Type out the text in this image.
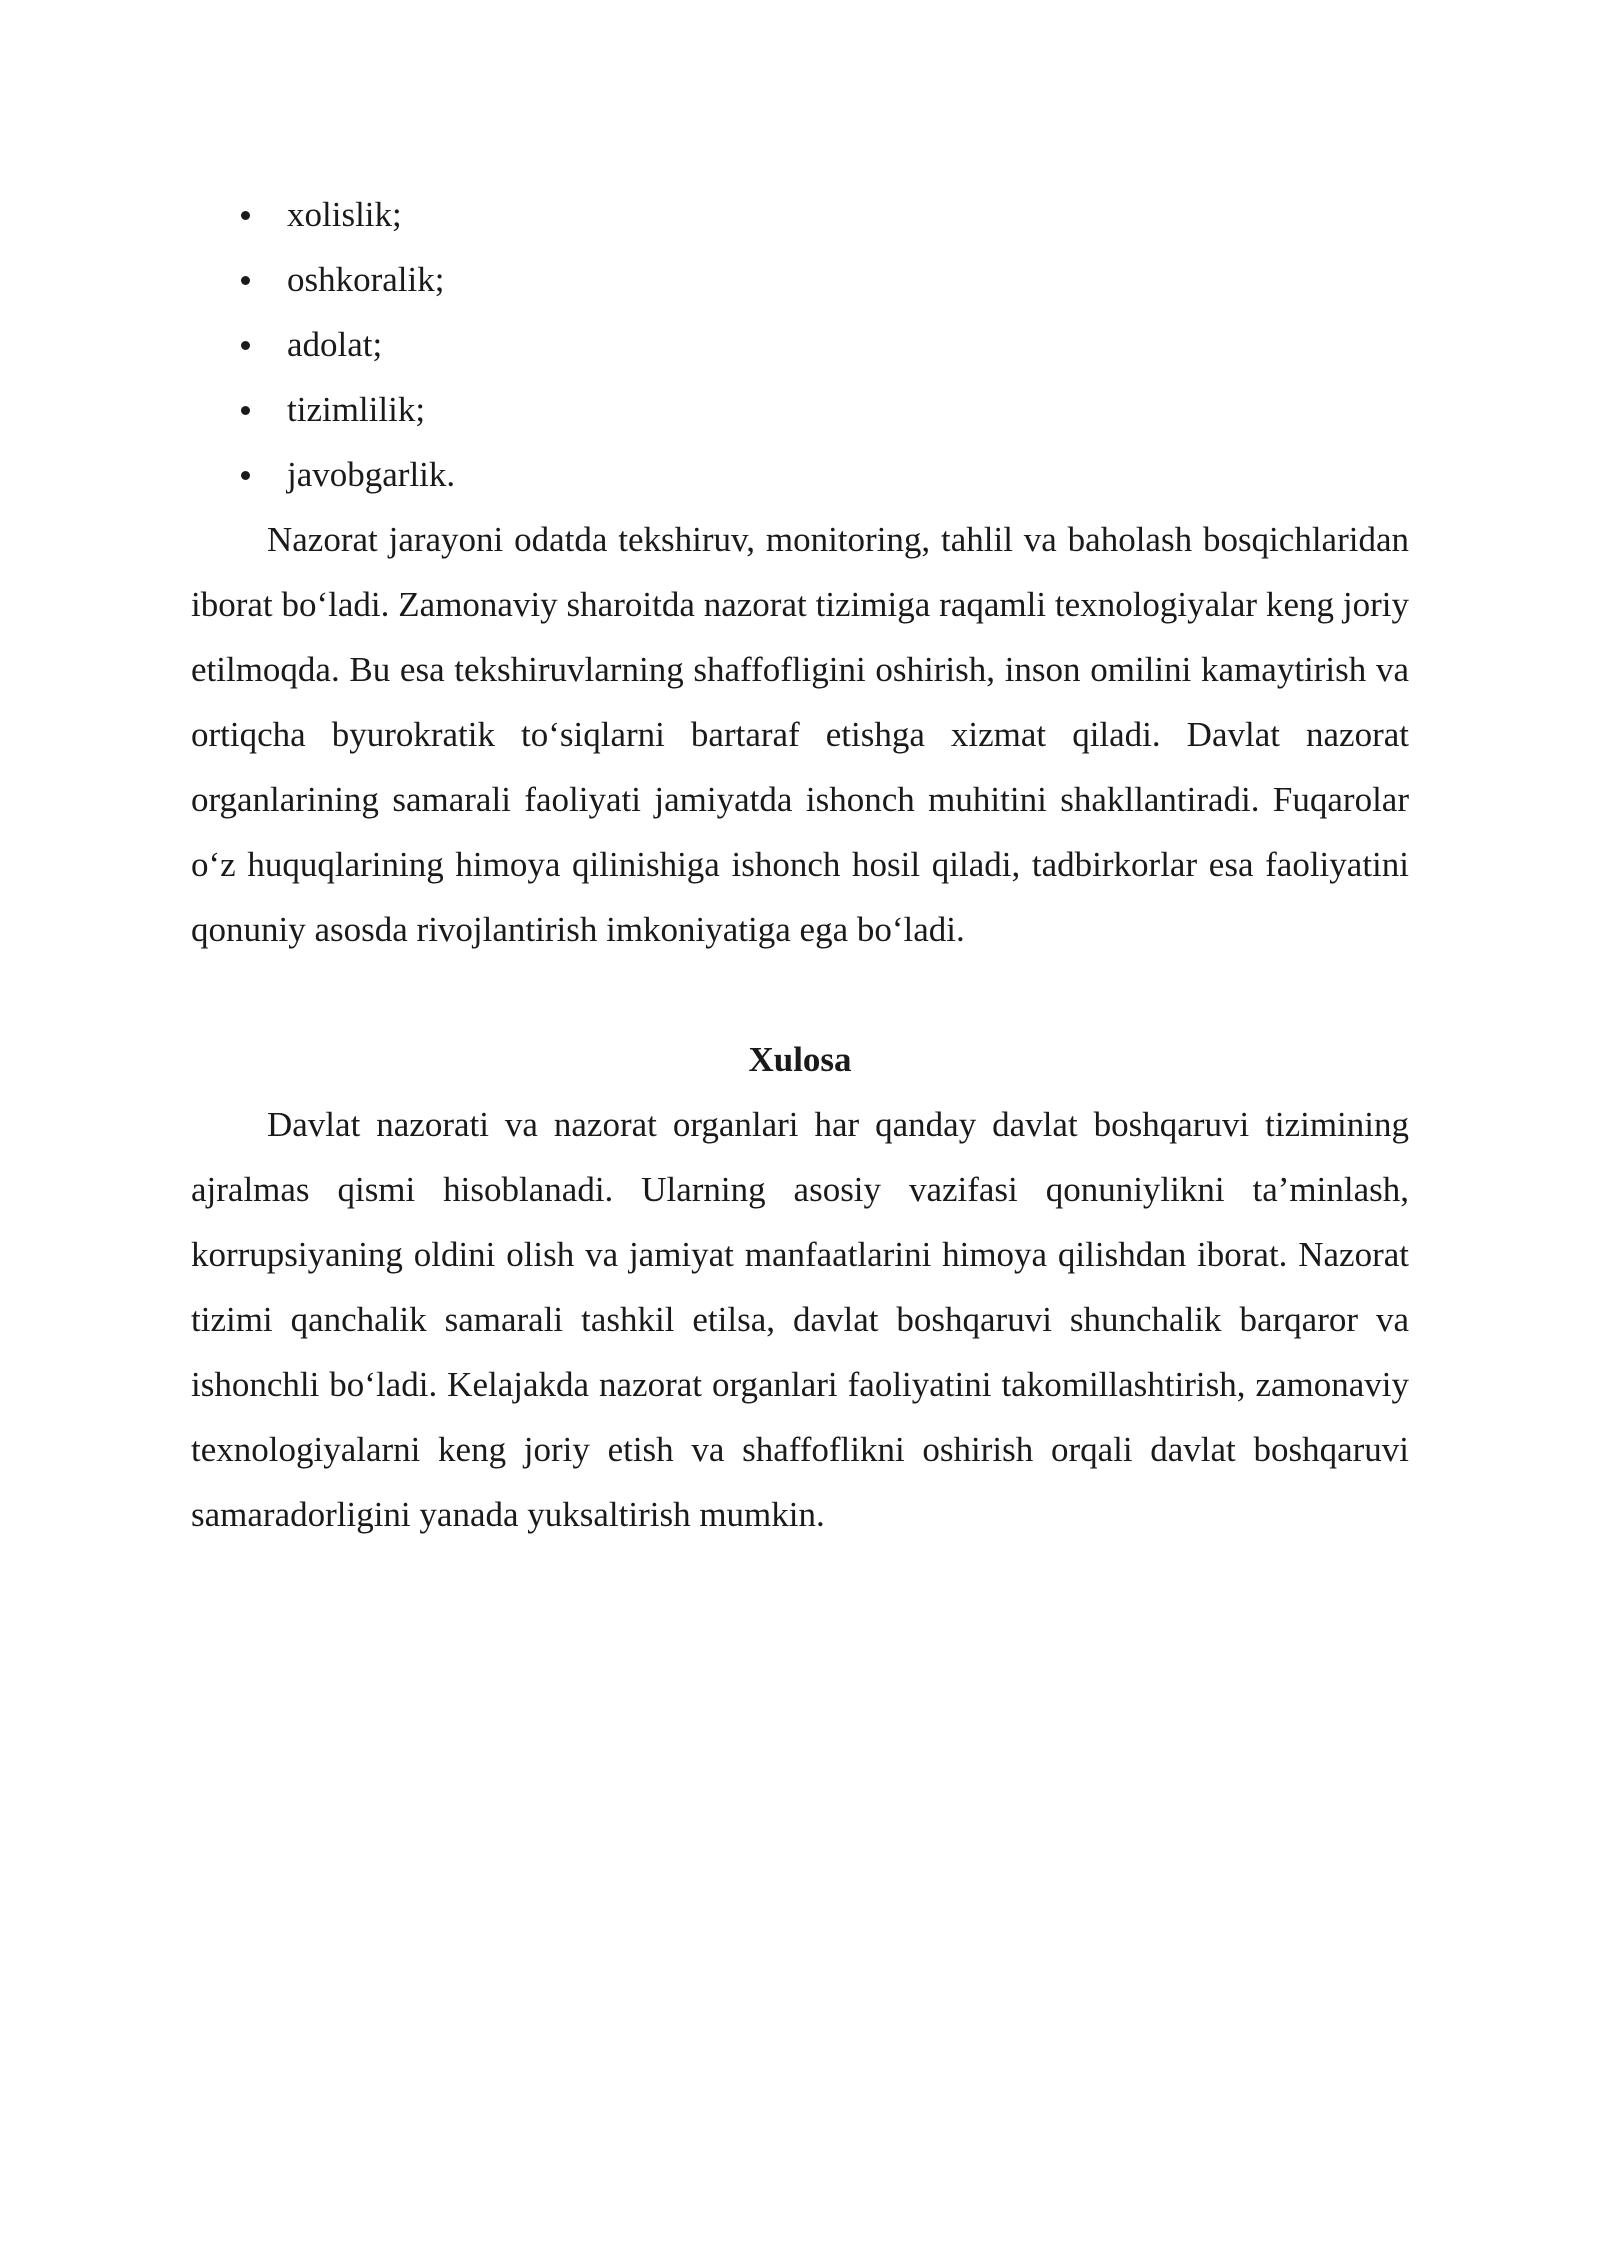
xolislik;
oshkoralik;
adolat;
tizimlilik;
javobgarlik.

Nazorat jarayoni odatda tekshiruv, monitoring, tahlil va baholash bosqichlaridan iborat boʻladi. Zamonaviy sharoitda nazorat tizimiga raqamli texnologiyalar keng joriy etilmoqda. Bu esa tekshiruvlarning shaffofligini oshirish, inson omilini kamaytirish va ortiqcha byurokratik toʻsiqlarni bartaraf etishga xizmat qiladi. Davlat nazorat organlarining samarali faoliyati jamiyatda ishonch muhitini shakllantiradi. Fuqarolar oʻz huquqlarining himoya qilinishiga ishonch hosil qiladi, tadbirkorlar esa faoliyatini qonuniy asosda rivojlantirish imkoniyatiga ega boʻladi.

Xulosa

Davlat nazorati va nazorat organlari har qanday davlat boshqaruvi tizimining ajralmas qismi hisoblanadi. Ularning asosiy vazifasi qonuniylikni ta’minlash, korrupsiyaning oldini olish va jamiyat manfaatlarini himoya qilishdan iborat. Nazorat tizimi qanchalik samarali tashkil etilsa, davlat boshqaruvi shunchalik barqaror va ishonchli boʻladi. Kelajakda nazorat organlari faoliyatini takomillashtirish, zamonaviy texnologiyalarni keng joriy etish va shaffoflikni oshirish orqali davlat boshqaruvi samaradorligini yanada yuksaltirish mumkin.
